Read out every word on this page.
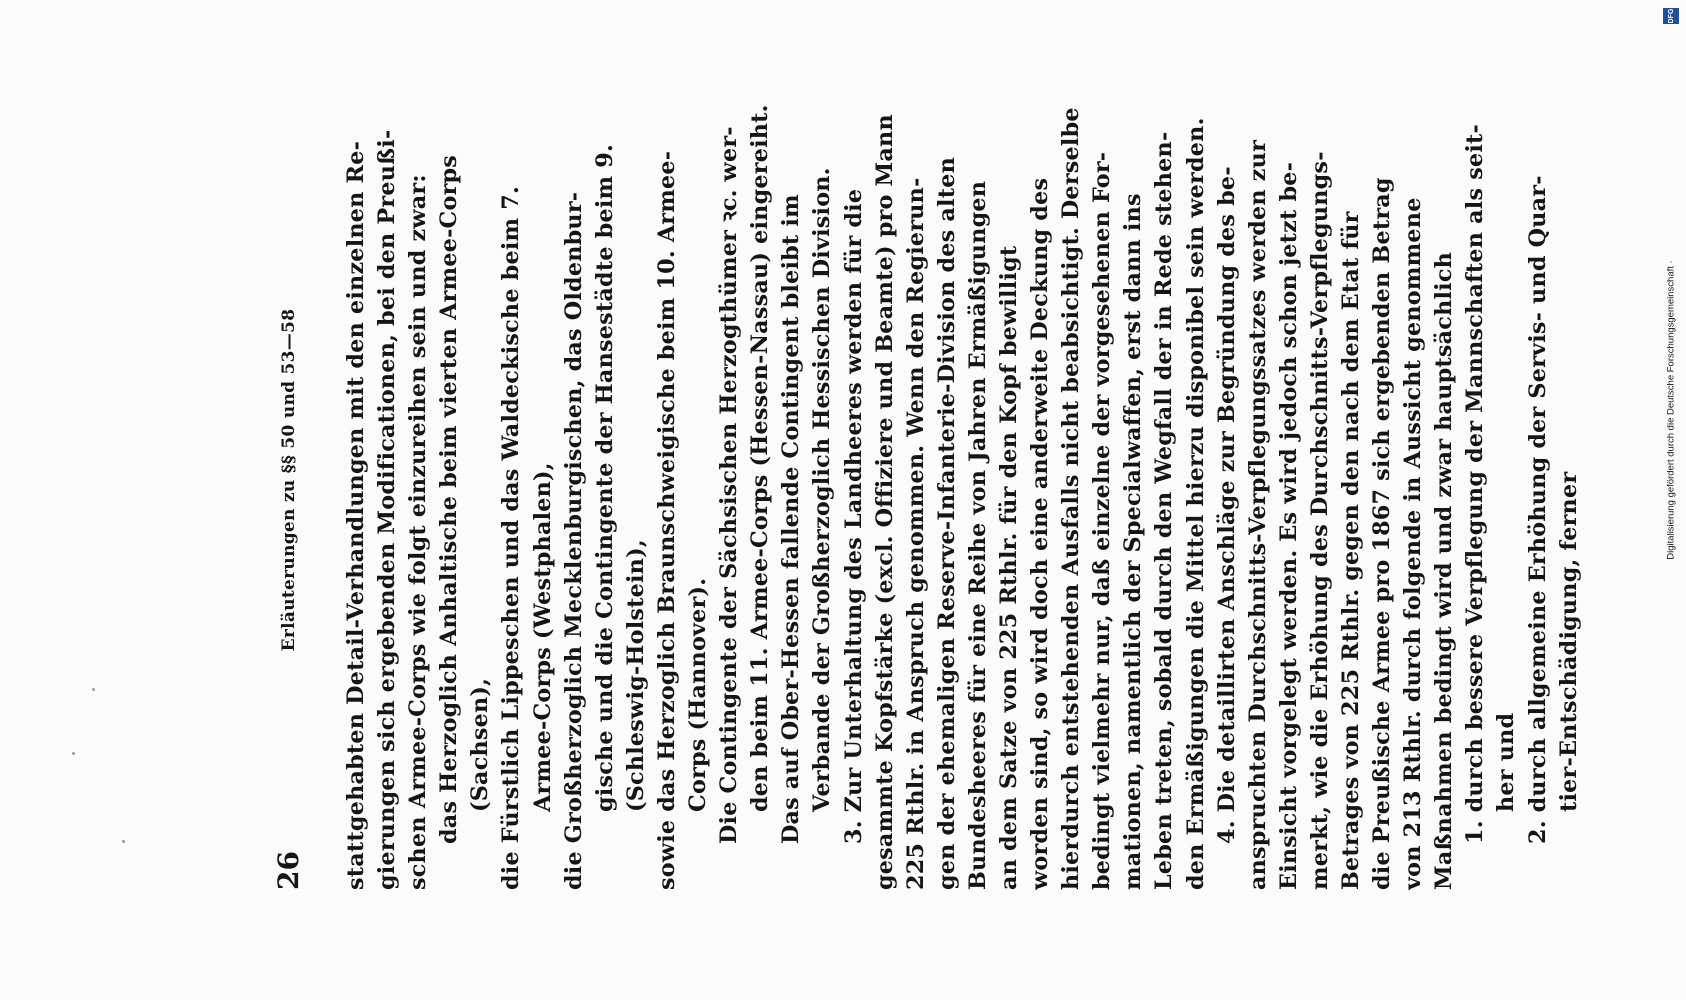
26
Erläuterungen zu §§ 50 und 53—58	stattgehabten Detail-Verhandlungen mit den einzelnen Re- gierungen sich ergebenden Modificationen, bei den Preußi- schen Armee-Corps wie folgt einzureihen sein und zwar: das Herzoglich Anhaltische beim vierten Armee-Corps (Sachsen), die Fürstlich Lippeschen und das Waldeckische beim 7. Armee-Corps (Westphalen), die Großherzoglich Mecklenburgischen, das Oldenbur- gische und die Contingente der Hansestädte beim 9. (Schleswig-Holstein), sowie das Herzoglich Braunschweigische beim 10. Armee- Corps (Hannover). Die Contingente der Sächsischen Herzogthümer ꝛc. wer- den beim 11. Armee-Corps (Hessen-Nassau) eingereiht. Das auf Ober-Hessen fallende Contingent bleibt im Verbande der Großherzoglich Hessischen Division. 3. Zur Unterhaltung des Landheeres werden für die gesammte Kopfstärke (excl. Offiziere und Beamte) pro Mann 225 Rthlr. in Anspruch genommen. Wenn den Regierun- gen der ehemaligen Reserve-Infanterie-Division des alten Bundesheeres für eine Reihe von Jahren Ermäßigungen an dem Satze von 225 Rthlr. für den Kopf bewilligt worden sind, so wird doch eine anderweite Deckung des hierdurch entstehenden Ausfalls nicht beabsichtigt. Derselbe bedingt vielmehr nur, daß einzelne der vorgesehenen For- mationen, namentlich der Specialwaffen, erst dann ins Leben treten, sobald durch den Wegfall der in Rede stehen- den Ermäßigungen die Mittel hierzu disponibel sein werden. 4. Die detaillirten Anschläge zur Begründung des be- anspruchten Durchschnitts-Verpflegungssatzes werden zur Einsicht vorgelegt werden. Es wird jedoch schon jetzt be- merkt, wie die Erhöhung des Durchschnitts-Verpflegungs- Betrages von 225 Rthlr. gegen den nach dem Etat für die Preußische Armee pro 1867 sich ergebenden Betrag von 213 Rthlr. durch folgende in Aussicht genommene Maßnahmen bedingt wird und zwar hauptsächlich 1. durch bessere Verpflegung der Mannschaften als seit- her und 2. durch allgemeine Erhöhung der Servis- und Quar- tier-Entschädigung, ferner
Digitalisierung gefördert durch die Deutsche Forschungsgemeinschaft ·
DFG
